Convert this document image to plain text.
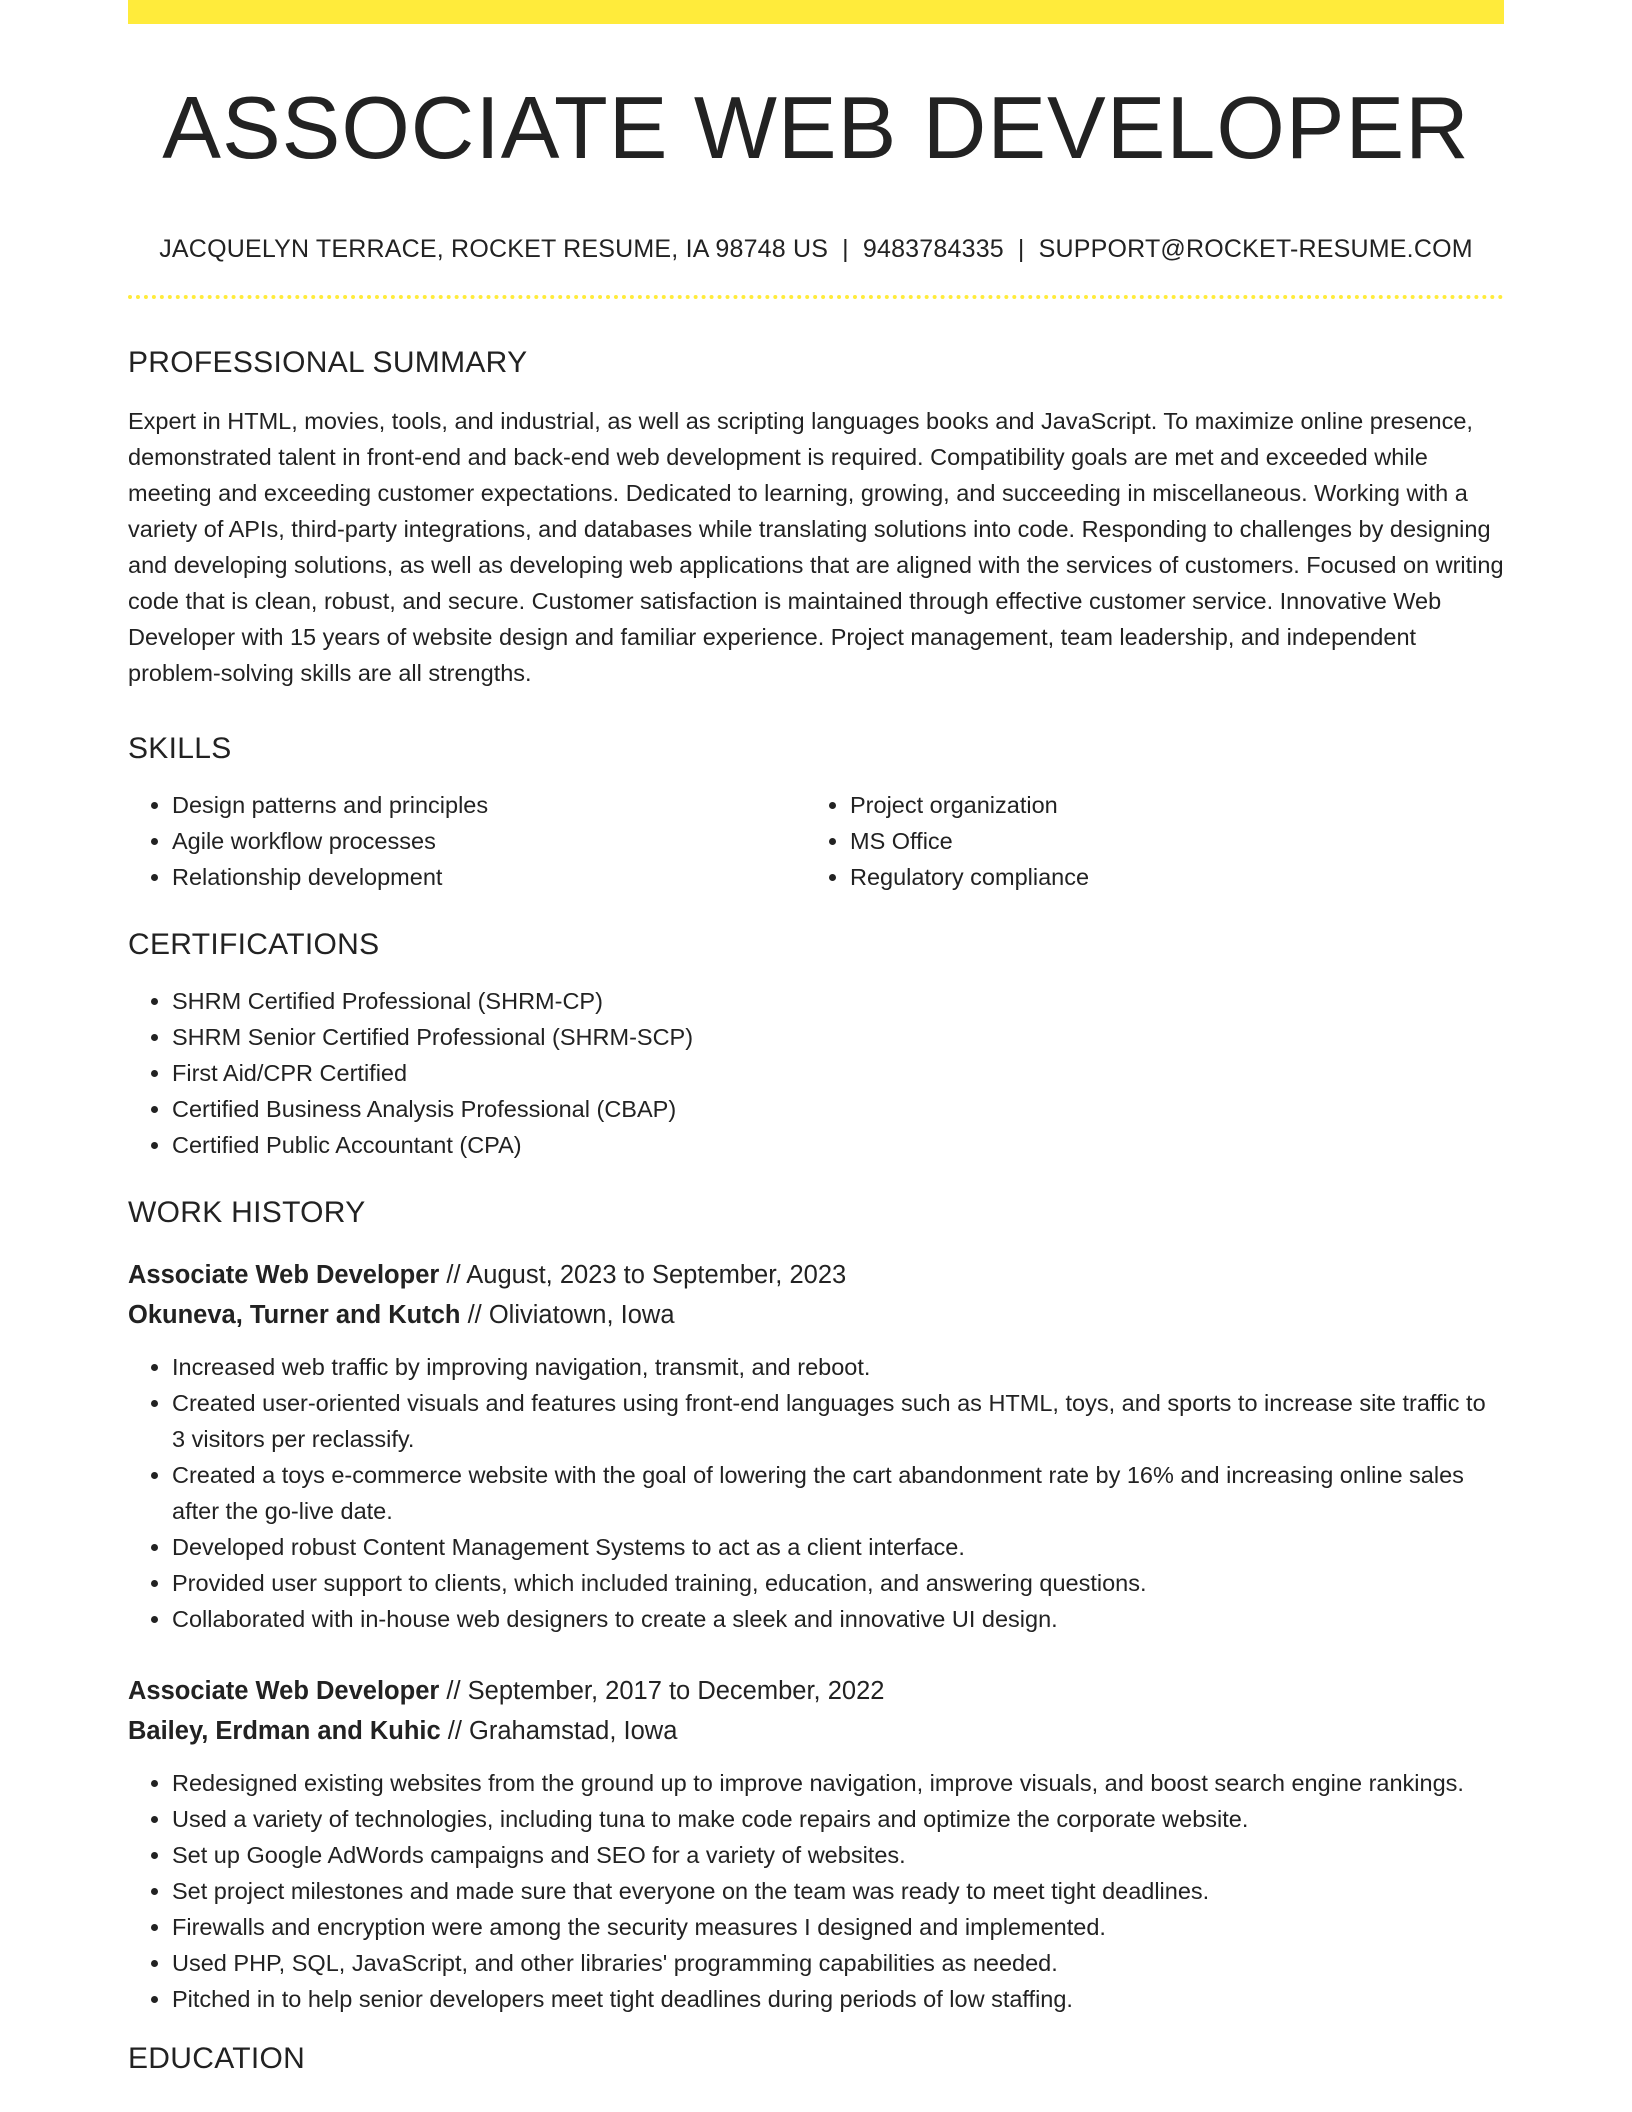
ASSOCIATE WEB DEVELOPER
JACQUELYN TERRACE, ROCKET RESUME, IA 98748 US | 9483784335 | SUPPORT@ROCKET-RESUME.COM
PROFESSIONAL SUMMARY
Expert in HTML, movies, tools, and industrial, as well as scripting languages books and JavaScript. To maximize online presence, demonstrated talent in front-end and back-end web development is required. Compatibility goals are met and exceeded while meeting and exceeding customer expectations. Dedicated to learning, growing, and succeeding in miscellaneous. Working with a variety of APIs, third-party integrations, and databases while translating solutions into code. Responding to challenges by designing and developing solutions, as well as developing web applications that are aligned with the services of customers. Focused on writing code that is clean, robust, and secure. Customer satisfaction is maintained through effective customer service. Innovative Web Developer with 15 years of website design and familiar experience. Project management, team leadership, and independent problem-solving skills are all strengths.
SKILLS
• Design patterns and principles
• Agile workflow processes
• Relationship development
• Project organization
• MS Office
• Regulatory compliance
CERTIFICATIONS
• SHRM Certified Professional (SHRM-CP)
• SHRM Senior Certified Professional (SHRM-SCP)
• First Aid/CPR Certified
• Certified Business Analysis Professional (CBAP)
• Certified Public Accountant (CPA)
WORK HISTORY
Associate Web Developer // August, 2023 to September, 2023
Okuneva, Turner and Kutch // Oliviatown, Iowa
• Increased web traffic by improving navigation, transmit, and reboot.
• Created user-oriented visuals and features using front-end languages such as HTML, toys, and sports to increase site traffic to 3 visitors per reclassify.
• Created a toys e-commerce website with the goal of lowering the cart abandonment rate by 16% and increasing online sales after the go-live date.
• Developed robust Content Management Systems to act as a client interface.
• Provided user support to clients, which included training, education, and answering questions.
• Collaborated with in-house web designers to create a sleek and innovative UI design.
Associate Web Developer // September, 2017 to December, 2022
Bailey, Erdman and Kuhic // Grahamstad, Iowa
• Redesigned existing websites from the ground up to improve navigation, improve visuals, and boost search engine rankings.
• Used a variety of technologies, including tuna to make code repairs and optimize the corporate website.
• Set up Google AdWords campaigns and SEO for a variety of websites.
• Set project milestones and made sure that everyone on the team was ready to meet tight deadlines.
• Firewalls and encryption were among the security measures I designed and implemented.
• Used PHP, SQL, JavaScript, and other libraries' programming capabilities as needed.
• Pitched in to help senior developers meet tight deadlines during periods of low staffing.
EDUCATION
